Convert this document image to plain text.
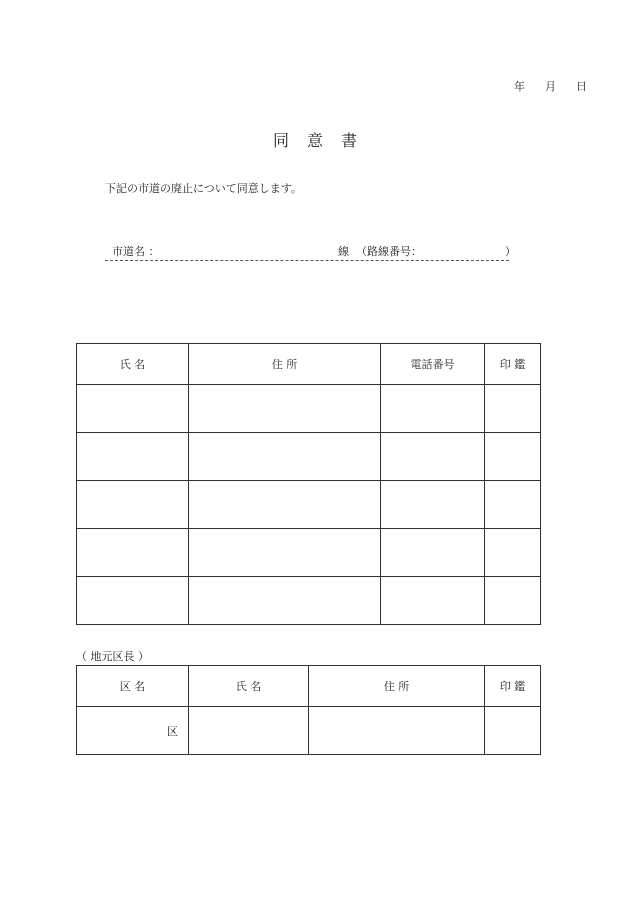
年 月 日
同 意 書
下記の市道の廃止について同意します。
市道名 ：	線 （路線番号：	）
氏 名	住 所	電話番号	印 鑑

（ 地元区長 ）
区 名	氏 名	住 所	印 鑑
区			
